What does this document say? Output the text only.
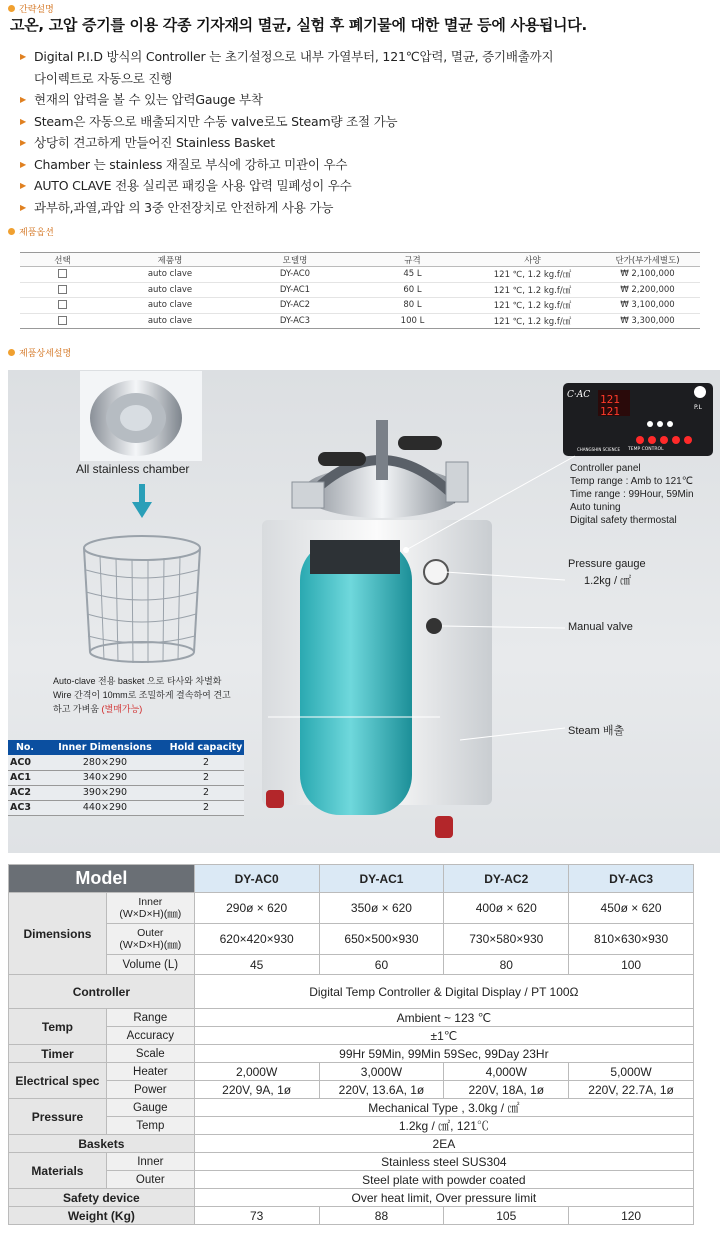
간략설명
고온, 고압 증기를 이용 각종 기자재의 멸균, 실험 후 폐기물에 대한 멸균 등에 사용됩니다.
▶ Digital P.I.D 방식의 Controller 는 초기설정으로 내부 가열부터, 121℃압력, 멸균, 증기배출까지
다이렉트로 자동으로 진행
▶ 현재의 압력을 볼 수 있는 압력Gauge 부착
▶ Steam은 자동으로 배출되지만 수동 valve로도 Steam량 조절 가능
▶ 상당히 견고하게 만들어진 Stainless Basket
▶ Chamber 는 stainless 재질로 부식에 강하고 미관이 우수
▶ AUTO CLAVE 전용 실리콘 패킹을 사용 압력 밀폐성이 우수
▶ 과부하,과열,과압 의 3중 안전장치로 안전하게 사용 가능
제품옵션
선택	제품명	모델명	규격	사양	단가(부가세별도)
	auto clave	DY-AC0	45 L	121 ℃, 1.2 kg.f/㎠	₩ 2,100,000
	auto clave	DY-AC1	60 L	121 ℃, 1.2 kg.f/㎠	₩ 2,200,000
	auto clave	DY-AC2	80 L	121 ℃, 1.2 kg.f/㎠	₩ 3,100,000
	auto clave	DY-AC3	100 L	121 ℃, 1.2 kg.f/㎠	₩ 3,300,000
제품상세설명
121
121
C·AC
P.L
TEMP CONTROL
CHANGSHIN SCIENCE
All stainless chamber
Auto-clave 전용 basket 으로 타사와 차별화
Wire 간격이 10mm로 조밀하게 결속하여 견고
하고 가벼움 (별매가능)
Controller panel
Temp range : Amb to 121℃
Time range : 99Hour, 59Min
Auto tuning
Digital safety thermostal
Pressure gauge
1.2kg / ㎠
Manual valve
Steam 배출
No.	Inner Dimensions	Hold capacity
AC0	280×290	2
AC1	340×290	2
AC2	390×290	2
AC3	440×290	2
Model		DY-AC0	DY-AC1	DY-AC2	DY-AC3
Dimensions	Inner
(W×D×H)(㎜)	290ø × 620	350ø × 620	400ø × 620	450ø × 620
	Outer
(W×D×H)(㎜)	620×420×930	650×500×930	730×580×930	810×630×930
	Volume (L)	45	60	80	100
Controller		Digital Temp Controller & Digital Display / PT 100Ω			
Temp	Range	Ambient ~ 123 ℃			
	Accuracy	±1℃			
Timer	Scale	99Hr 59Min, 99Min 59Sec, 99Day 23Hr			
Electrical spec	Heater	2,000W	3,000W	4,000W	5,000W
	Power	220V, 9A, 1ø	220V, 13.6A, 1ø	220V, 18A, 1ø	220V, 22.7A, 1ø
Pressure	Gauge	Mechanical Type , 3.0kg / ㎠			
	Temp	1.2kg / ㎠, 121℃			
Baskets		2EA			
Materials	Inner	Stainless steel SUS304			
	Outer	Steel plate with powder coated			
Safety device		Over heat limit, Over pressure limit			
Weight (Kg)		73	88	105	120
